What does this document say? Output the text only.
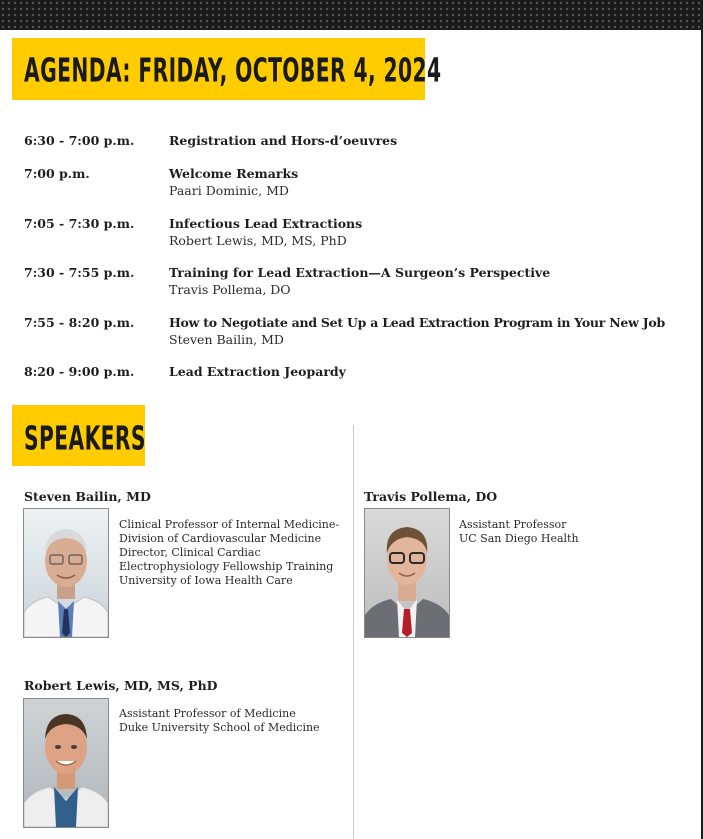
AGENDA: FRIDAY, OCTOBER 4, 2024
6:30 - 7:00 p.m.	Registration and Hors-d’oeuvres
7:00 p.m.	Welcome Remarks
Paari Dominic, MD
7:05 - 7:30 p.m.	Infectious Lead Extractions
Robert Lewis, MD, MS, PhD
7:30 - 7:55 p.m.	Training for Lead Extraction—A Surgeon’s Perspective
Travis Pollema, DO
7:55 - 8:20 p.m.	How to Negotiate and Set Up a Lead Extraction Program in Your New Job
Steven Bailin, MD
8:20 - 9:00 p.m.	Lead Extraction Jeopardy
SPEAKERS
Steven Bailin, MD
Clinical Professor of Internal Medicine-
Division of Cardiovascular Medicine
Director, Clinical Cardiac
Electrophysiology Fellowship Training
University of Iowa Health Care
Travis Pollema, DO
Assistant Professor
UC San Diego Health
Robert Lewis, MD, MS, PhD
Assistant Professor of Medicine
Duke University School of Medicine
